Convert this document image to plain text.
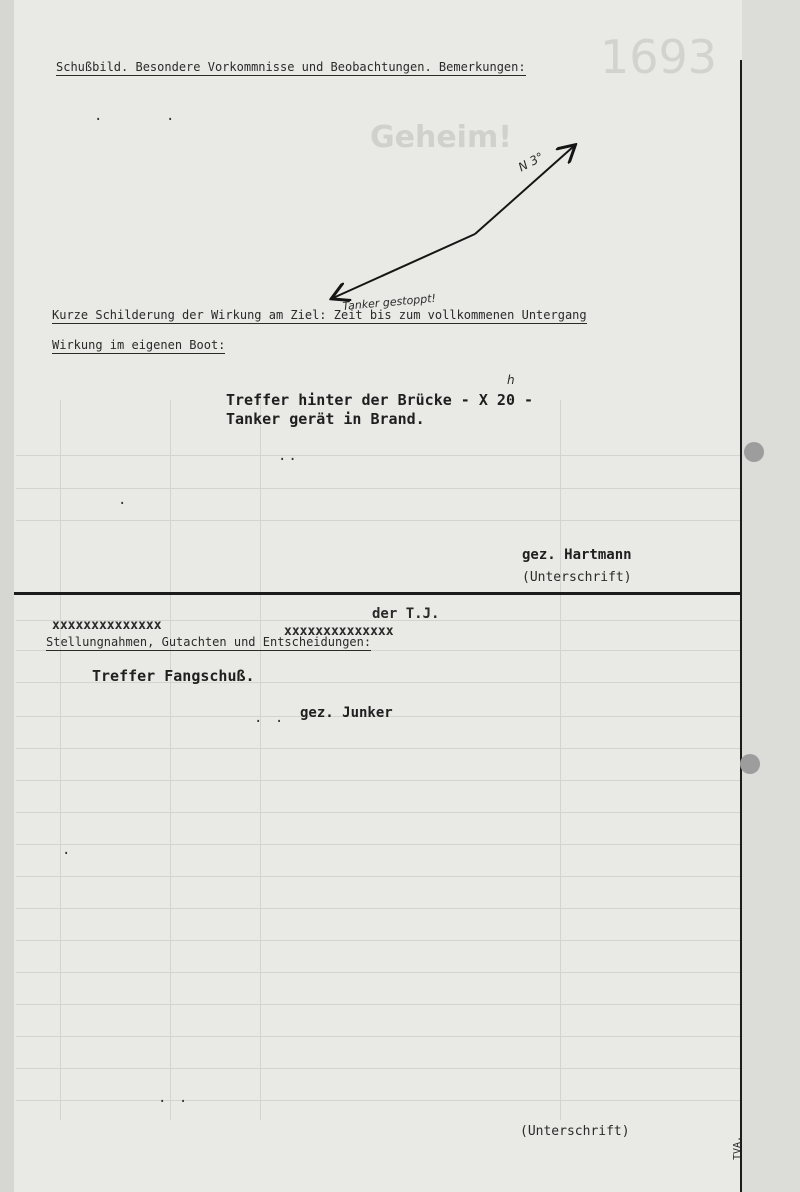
Geheim!
1693
Schußbild. Besondere Vorkommnisse und Beobachtungen. Bemerkungen:
N 3°
Tanker gestoppt!
·	·
Kurze Schilderung der Wirkung am Ziel: Zeit bis zum vollkommenen Untergang
Wirkung im eigenen Boot:
Treffer hinter der Brücke - X 20 -
h
Tanker gerät in Brand.
··
·
gez. Hartmann
(Unterschrift)
xxxxxxxxxxxxxx
der T.J.
xxxxxxxxxxxxxx
Stellungnahmen, Gutachten und Entscheidungen:
Treffer Fangschuß.
. . gez. Junker
·
. .
(Unterschrift)
TVA.
